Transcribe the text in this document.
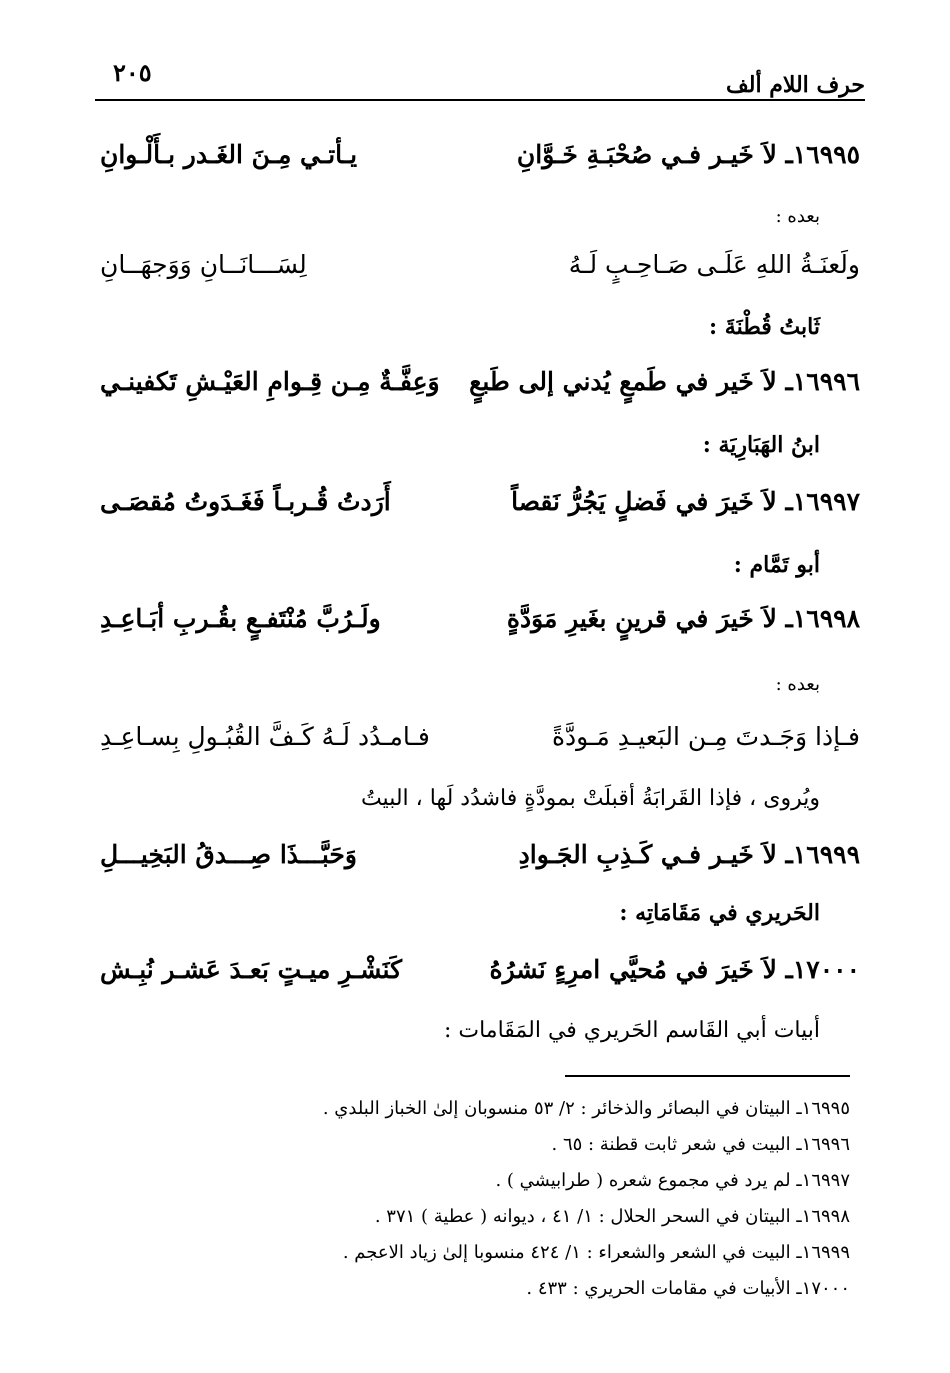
حرف اللام ألف
٢٠٥
١٦٩٩٥ـ لاَ خَيـر فـي صُحْبَـةِ خَـوَّانِ
يـأتـي مِـنَ الغَـدر بـأَلْـوانِ
بعده :
ولَعنَـةُ اللهِ عَلَـى صَـاحِـبٍ لَـهُ
لِسَـــانَــانِ وَوَجهَــانِ
ثَابتُ قُطْنَةَ :
١٦٩٩٦ـ لاَ خَير في طَمعٍ يُدني إلى طَبعٍ
وَعِفَّـةٌ مِـن قِـوامِ العَيْـشِ تَكفينـي
ابنُ الهَبَارِيَة :
١٦٩٩٧ـ لاَ خَيرَ في فَضلٍ يَجُرُّ نَقصاً
أَرَدتُ قُـربـاً فَغَـدَوتُ مُقصَـى
أبو تَمَّام :
١٦٩٩٨ـ لاَ خَيرَ في قرينٍ بغَيرِ مَوَدَّةٍ
ولَـرُبَّ مُنْتَفـعٍ بقُـربِ أبَـاعِـدِ
بعده :
فـإذا وَجَـدتَ مِـن البَعيـدِ مَـودَّةً
فـامـدُد لَـهُ كَـفَّ القُبُـولِ بِسـاعِـدِ
ويُروى ، فإذا القَرابَةُ أقبلَتْ بمودَّةٍ فاشدُد لَها ، البيتُ
١٦٩٩٩ـ لاَ خَيـر فـي كَـذِبِ الجَـوادِ
وَحَبَّـــذَا صِـــدقُ البَخِيـــلِ
الحَريري في مَقَامَاتِه :
١٧٠٠٠ـ لاَ خَيرَ في مُحيَّي امرِءٍ نَشرُهُ
كَنَشْـرِ ميـتٍ بَعـدَ عَشـر نُبِـش
أبيات أبي القَاسم الحَريري في المَقَامات :
١٦٩٩٥ـ البيتان في البصائر والذخائر : ٢/ ٥٣ منسوبان إلىٰ الخباز البلدي .
١٦٩٩٦ـ البيت في شعر ثابت قطنة : ٦٥ .
١٦٩٩٧ـ لم يرد في مجموع شعره ( طرابيشي ) .
١٦٩٩٨ـ البيتان في السحر الحلال : ١/ ٤١ ، ديوانه ( عطية ) ٣٧١ .
١٦٩٩٩ـ البيت في الشعر والشعراء : ١/ ٤٢٤ منسوبا إلىٰ زياد الاعجم .
١٧٠٠٠ـ الأبيات في مقامات الحريري : ٤٣٣ .
